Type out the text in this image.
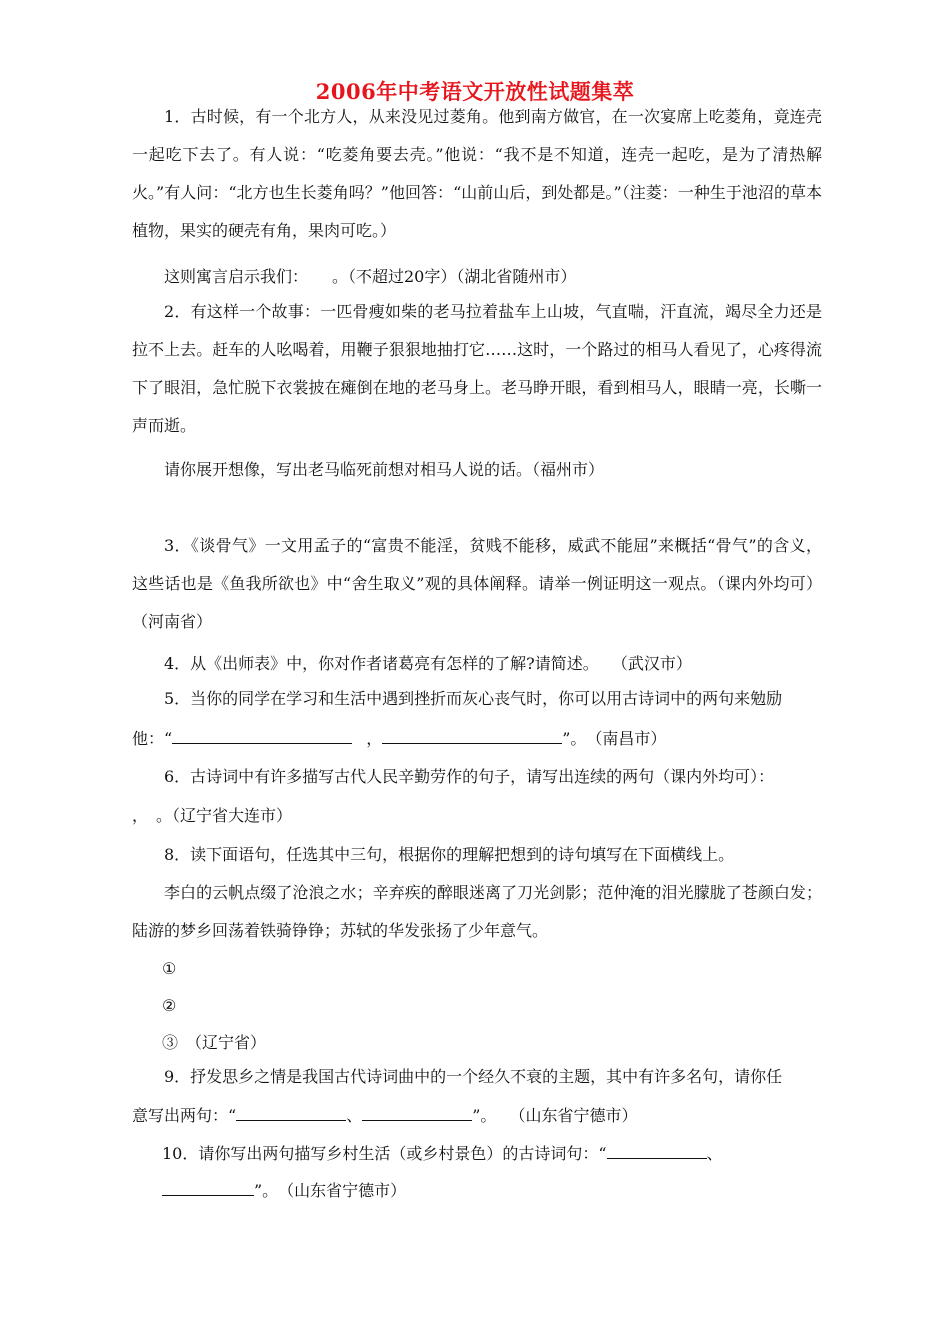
2006年中考语文开放性试题集萃

1．古时候，有一个北方人，从来没见过菱角。他到南方做官，在一次宴席上吃菱角，竟连壳一起吃下去了。有人说：“吃菱角要去壳。”他说：“我不是不知道，连壳一起吃，是为了清热解火。”有人问：“北方也生长菱角吗？”他回答：“山前山后，到处都是。”（注菱：一种生于池沼的草本植物，果实的硬壳有角，果肉可吃。）

这则寓言启示我们：　　。（不超过20字）（湖北省随州市）

2．有这样一个故事：一匹骨瘦如柴的老马拉着盐车上山坡，气直喘，汗直流，竭尽全力还是拉不上去。赶车的人吆喝着，用鞭子狠狠地抽打它……这时，一个路过的相马人看见了，心疼得流下了眼泪，急忙脱下衣裳披在瘫倒在地的老马身上。老马睁开眼，看到相马人，眼睛一亮，长嘶一声而逝。

请你展开想像，写出老马临死前想对相马人说的话。（福州市）

3．《谈骨气》一文用孟子的“富贵不能淫，贫贱不能移，威武不能屈”来概括“骨气”的含义，这些话也是《鱼我所欲也》中“舍生取义”观的具体阐释。请举一例证明这一观点。（课内外均可）（河南省）

4．从《出师表》中，你对作者诸葛亮有怎样的了解?请简述。　 （武汉市）

5．当你的同学在学习和生活中遇到挫折而灰心丧气时，你可以用古诗词中的两句来勉励

他：“	，	”。　（南昌市）

6．古诗词中有许多描写古代人民辛勤劳作的句子，请写出连续的两句（课内外均可）：

，　。（辽宁省大连市）

8．读下面语句，任选其中三句，根据你的理解把想到的诗句填写在下面横线上。

李白的云帆点缀了沧浪之水；辛弃疾的醉眼迷离了刀光剑影；范仲淹的泪光朦胧了苍颜白发；陆游的梦乡回荡着铁骑铮铮；苏轼的华发张扬了少年意气。

①
②
③　（辽宁省）

9．抒发思乡之情是我国古代诗词曲中的一个经久不衰的主题，其中有许多名句，请你任

意写出两句：“	、	”。　 （山东省宁德市）
10．请你写出两句描写乡村生活（或乡村景色）的古诗词句：“	、
”。　（山东省宁德市）
